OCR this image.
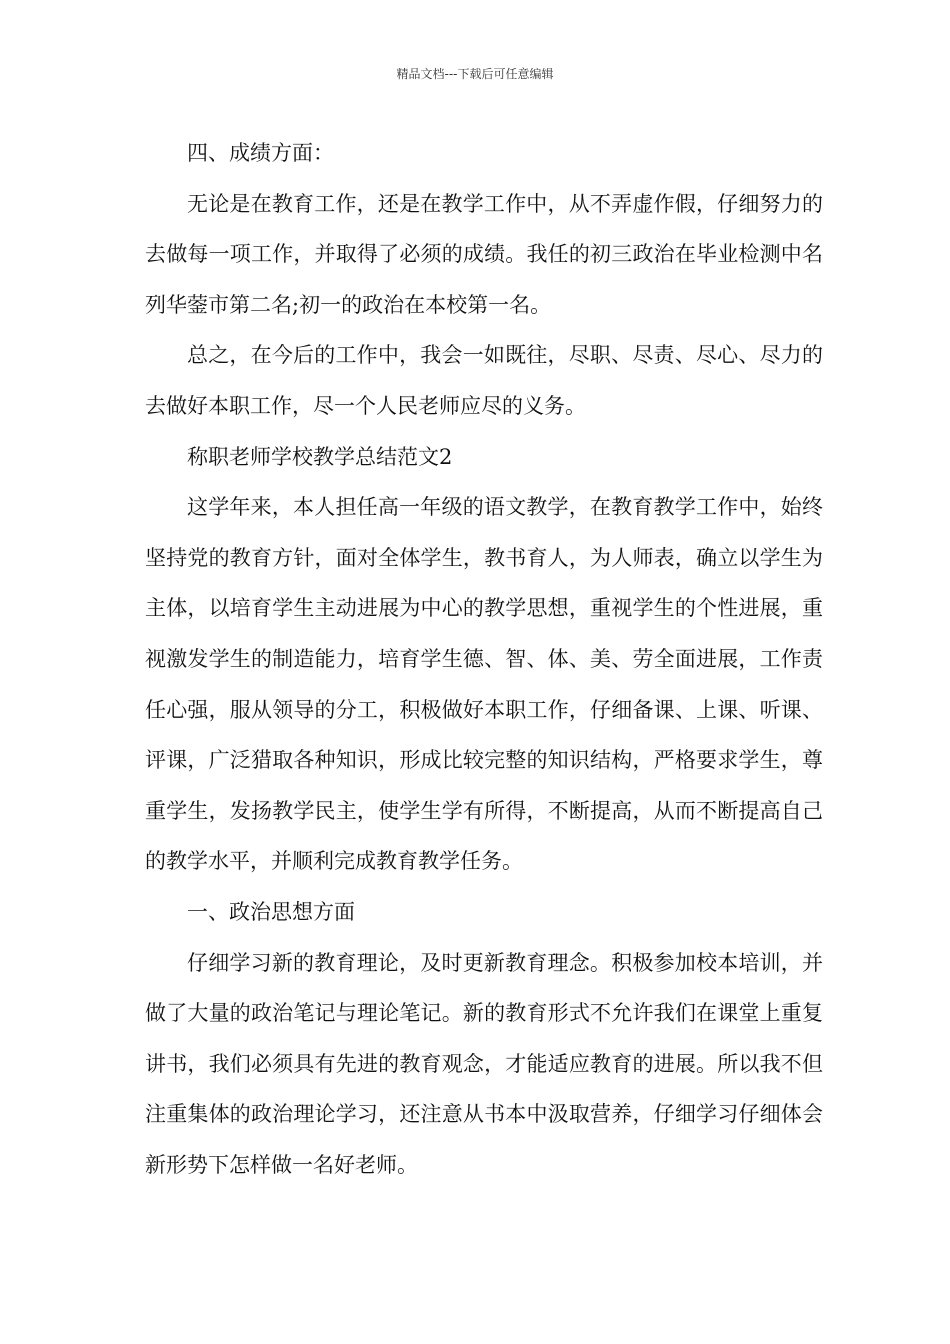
精品文档---下载后可任意编辑

四、成绩方面：

无论是在教育工作，还是在教学工作中，从不弄虚作假，仔细努力的去做每一项工作，并取得了必须的成绩。我任的初三政治在毕业检测中名列华蓥市第二名;初一的政治在本校第一名。

总之，在今后的工作中，我会一如既往，尽职、尽责、尽心、尽力的去做好本职工作，尽一个人民老师应尽的义务。

称职老师学校教学总结范文2

这学年来，本人担任高一年级的语文教学，在教育教学工作中，始终坚持党的教育方针，面对全体学生，教书育人，为人师表，确立以学生为主体，以培育学生主动进展为中心的教学思想，重视学生的个性进展，重视激发学生的制造能力，培育学生德、智、体、美、劳全面进展，工作责任心强，服从领导的分工，积极做好本职工作，仔细备课、上课、听课、评课，广泛猎取各种知识，形成比较完整的知识结构，严格要求学生，尊重学生，发扬教学民主，使学生学有所得，不断提高，从而不断提高自己的教学水平，并顺利完成教育教学任务。

一、政治思想方面

仔细学习新的教育理论，及时更新教育理念。积极参加校本培训，并做了大量的政治笔记与理论笔记。新的教育形式不允许我们在课堂上重复讲书，我们必须具有先进的教育观念，才能适应教育的进展。所以我不但注重集体的政治理论学习，还注意从书本中汲取营养，仔细学习仔细体会新形势下怎样做一名好老师。
